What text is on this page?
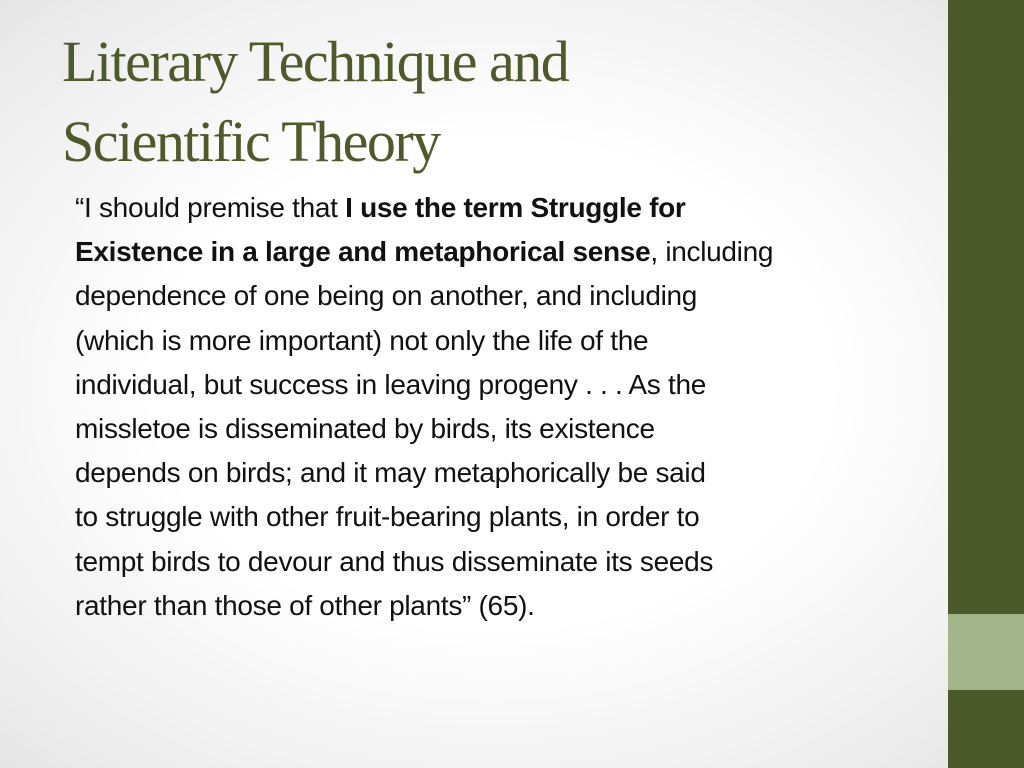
Literary Technique and
Scientific Theory
“I should premise that I use the term Struggle for
Existence in a large and metaphorical sense, including
dependence of one being on another, and including
(which is more important) not only the life of the
individual, but success in leaving progeny . . . As the
missletoe is disseminated by birds, its existence
depends on birds; and it may metaphorically be said
to struggle with other fruit-bearing plants, in order to
tempt birds to devour and thus disseminate its seeds
rather than those of other plants” (65).
